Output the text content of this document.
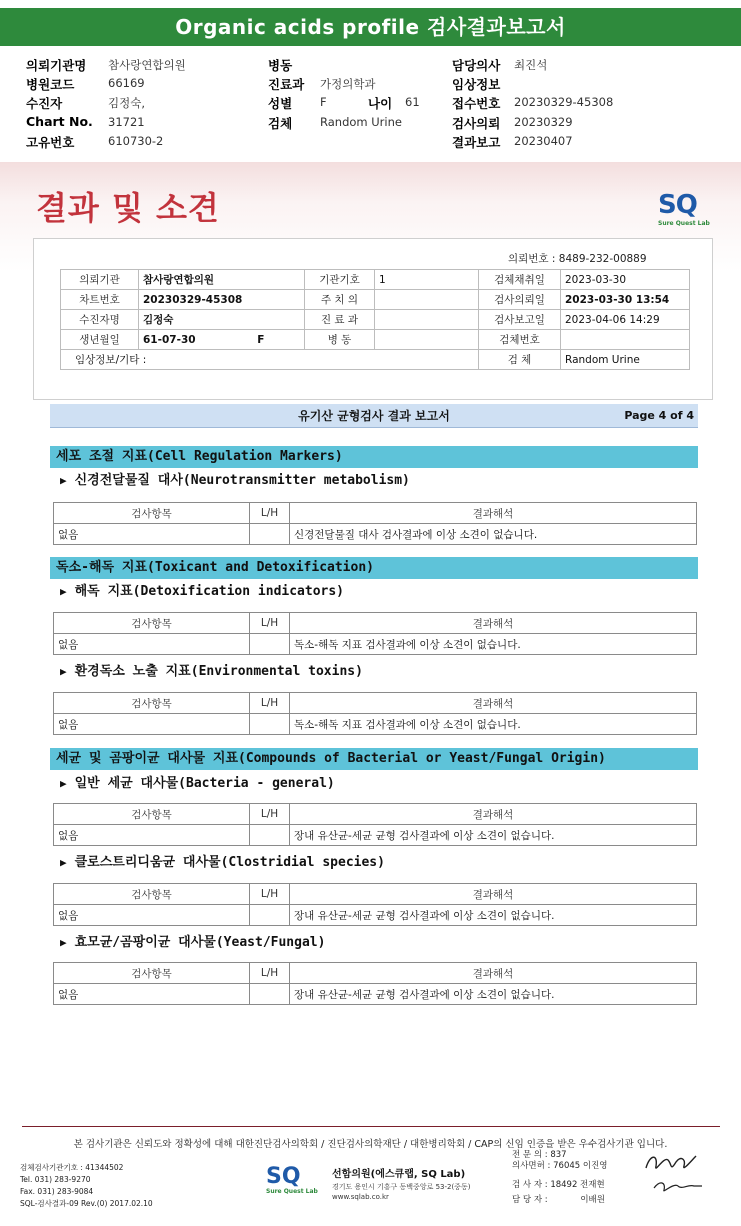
Organic acids profile 검사결과보고서
의뢰기관명 참사랑연합의원
병원코드	66169
수진자	김정숙,
Chart No. 31721
고유번호	610730-2
병동
진료과 가정의학과
성별 F	나이 61
검체 Random Urine
담당의사 최진석
임상정보
접수번호 20230329-45308
검사의뢰 20230329
결과보고 20230407
결과 및 소견	SQ
Sure Quest Lab
의뢰번호 : 8489-232-00889
의뢰기관	참사랑연합의원	기관기호	1	검체채취일	2023-03-30
차트번호	20230329-45308	주 치 의		검사의뢰일	2023-03-30 13:54
수진자명	김정숙	진 료 과		검사보고일	2023-04-06 14:29
생년월일	61-07-30 F	병 동		검체번호	
임상정보/기타 :				검 체	Random Urine
유기산 균형검사 결과 보고서	Page 4 of 4
세포 조절 지표(Cell Regulation Markers)
▶ 신경전달물질 대사(Neurotransmitter metabolism)
검사항목	L/H	결과해석
없음		신경전달물질 대사 검사결과에 이상 소견이 없습니다.
독소-해독 지표(Toxicant and Detoxification)
▶ 해독 지표(Detoxification indicators)
검사항목	L/H	결과해석
없음		독소-해독 지표 검사결과에 이상 소견이 없습니다.
▶ 환경독소 노출 지표(Environmental toxins)
검사항목	L/H	결과해석
없음		독소-해독 지표 검사결과에 이상 소견이 없습니다.
세균 및 곰팡이균 대사물 지표(Compounds of Bacterial or Yeast/Fungal Origin)
▶ 일반 세균 대사물(Bacteria - general)
검사항목	L/H	결과해석
없음		장내 유산균-세균 균형 검사결과에 이상 소견이 없습니다.
▶ 클로스트리디움균 대사물(Clostridial species)
검사항목	L/H	결과해석
없음		장내 유산균-세균 균형 검사결과에 이상 소견이 없습니다.
▶ 효모균/곰팡이균 대사물(Yeast/Fungal)
검사항목	L/H	결과해석
없음		장내 유산균-세균 균형 검사결과에 이상 소견이 없습니다.
본 검사기관은 신뢰도와 정확성에 대해 대한진단검사의학회 / 진단검사의학재단 / 대한병리학회 / CAP의 신임 인증을 받은 우수검사기관 입니다.
검체검사기관기호 : 41344502
Tel. 031) 283-9270
Fax. 031) 283-9084
SQL-검사결과-09 Rev.(0) 2017.02.10
SQ
Sure Quest Lab
선함의원(에스큐랩, SQ Lab)
경기도 용인시 기흥구 동백중앙로 53-2(중동)
www.sqlab.co.kr
전 문 의 : 837
의사면허 : 76045 이진영
검 사 자 : 18492 전재현
담 당 자 :	이배원
